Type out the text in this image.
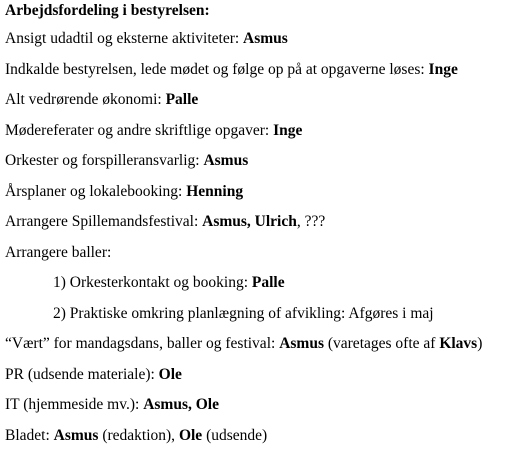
Arbejdsfordeling i bestyrelsen:
Ansigt udadtil og eksterne aktiviteter: Asmus
Indkalde bestyrelsen, lede mødet og følge op på at opgaverne løses: Inge
Alt vedrørende økonomi: Palle
Mødereferater og andre skriftlige opgaver: Inge
Orkester og forspilleransvarlig: Asmus
Årsplaner og lokalebooking: Henning
Arrangere Spillemandsfestival: Asmus, Ulrich, ???
Arrangere baller:
1) Orkesterkontakt og booking: Palle
2) Praktiske omkring planlægning of afvikling: Afgøres i maj
“Vært” for mandagsdans, baller og festival: Asmus (varetages ofte af Klavs)
PR (udsende materiale): Ole
IT (hjemmeside mv.): Asmus, Ole
Bladet: Asmus (redaktion), Ole (udsende)
